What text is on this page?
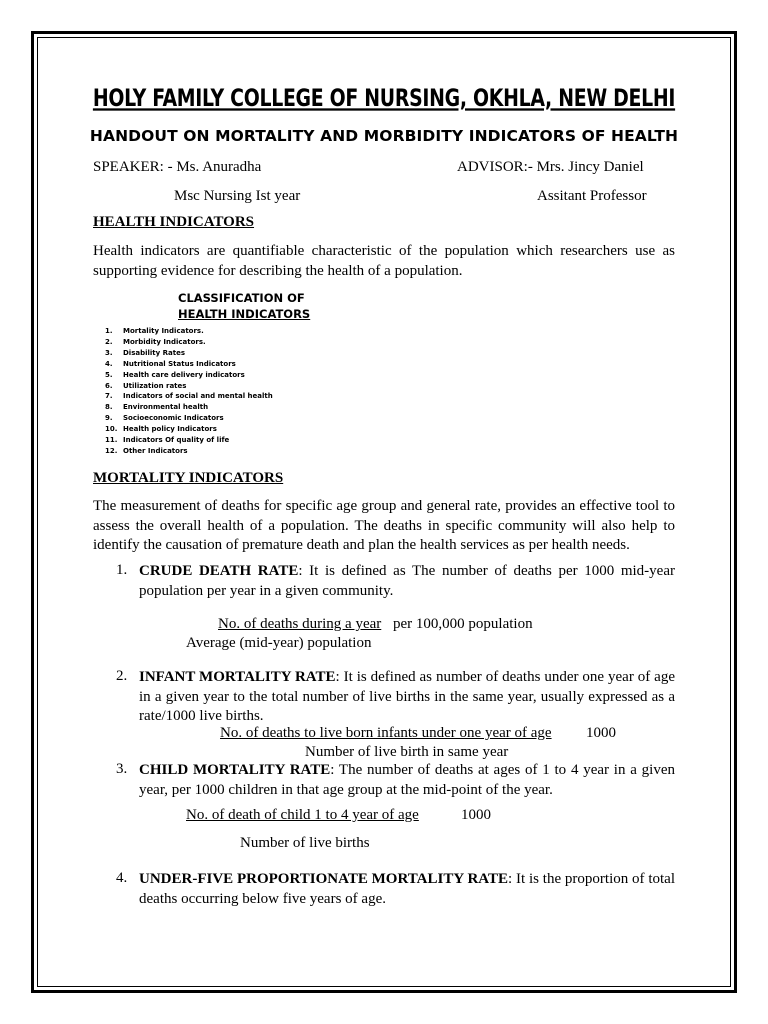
HOLY FAMILY COLLEGE OF NURSING, OKHLA, NEW DELHI
HANDOUT ON MORTALITY AND MORBIDITY INDICATORS OF HEALTH
SPEAKER: - Ms. Anuradha	ADVISOR:- Mrs. Jincy Daniel
Msc Nursing Ist year	Assitant Professor
HEALTH INDICATORS
Health indicators are quantifiable characteristic of the population which researchers use as supporting evidence for describing the health of a population.
CLASSIFICATION OF
HEALTH INDICATORS
1.	Mortality Indicators.
2.	Morbidity Indicators.
3.	Disability Rates
4.	Nutritional Status Indicators
5.	Health care delivery indicators
6.	Utilization rates
7.	Indicators of social and mental health
8.	Environmental health
9.	Socioeconomic Indicators
10. Health policy Indicators
11. Indicators Of quality of life
12. Other Indicators
MORTALITY INDICATORS
The measurement of deaths for specific age group and general rate, provides an effective tool to assess the overall health of a population. The deaths in specific community will also help to identify the causation of premature death and plan the health services as per health needs.
1. CRUDE DEATH RATE: It is defined as The number of deaths per 1000 mid-year population per year in a given community.
No. of deaths during a year per 100,000 population
Average (mid-year) population
2. INFANT MORTALITY RATE: It is defined as number of deaths under one year of age in a given year to the total number of live births in the same year, usually expressed as a rate/1000 live births.
No. of deaths to live born infants under one year of age 1000
Number of live birth in same year
3. CHILD MORTALITY RATE: The number of deaths at ages of 1 to 4 year in a given year, per 1000 children in that age group at the mid-point of the year.
No. of death of child 1 to 4 year of age	1000
Number of live births
4. UNDER-FIVE PROPORTIONATE MORTALITY RATE: It is the proportion of total deaths occurring below five years of age.
